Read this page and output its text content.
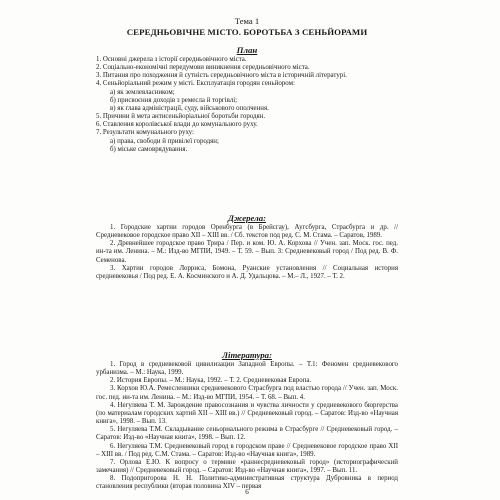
Тема 1
СЕРЕДНЬОВІЧНЕ МІСТО. БОРОТЬБА З СЕНЬЙОРАМИ
План
1. Основні джерела з історії середньовічного міста.
2. Соціально-економічні передумови виникнення середньовічного міста.
3. Питання про походження й сутність середньовічного міста в історичній літературі.
4. Сеньйоріальний режим у місті. Експлуатація городян сеньйором:
а) як землевласником;
б) присвоєння доходів з ремесла й торгівлі;
в) як глава адміністрації, суду, військового ополчення.
5. Причини й мета антисеньйоріальної боротьби городян.
6. Ставлення королівської влади до комунального руху.
7. Результати комунального руху:
а) права, свободи й привілеї городян;
б) міське самоврядування.
Джерела:
1. Городские хартии городов Оренбурга (в Брейсгау), Аугсбурга, Страсбурга и др. // Средневековое городское право XII – XIII вв. / Сб. текстов под ред. С. М. Стама. – Саратов, 1989.
2. Древнейшее городское право Трира / Пер. и ком. Ю. А. Корхова // Учен. зап. Моск. гос. пед. ин-та им. Ленина. – М.: Изд-во МГПИ, 1949. – Т. 59. – Вып. 3: Средневековый город / Под ред. В. Ф. Семенова.
3. Хартии городов Лорриса, Бомона, Руанские установления // Социальная история средневековья / Под ред. Е. А. Косминского и А. Д. Удальцова. – М.– Л., 1927. – Т. 2.
Література:
1. Город в средневековой цивилизации Западной Европы. – Т.1: Феномен средневекового урбанизма. – М.: Наука, 1999.
2. История Европы. – М.: Наука, 1992. – Т. 2. Средневековая Европа.
3. Корхов Ю.А. Ремесленники средневекового Страсбурга под властью города // Учен. зап. Моск. гос. пед. ин-та им. Ленина. – М.: Изд-во МГПИ, 1954. – Т. 68. – Вып. 4.
4. Негуляева Т. М. Зарождение правосознания и чувства личности у средневекового бюргерства (по материалам городских хартий XII – XIII вв.) // Средневековый город. – Саратов: Изд-во «Научная книга», 1998. – Вып. 13.
5. Негуляева Т.М. Складывание сеньориального режима в Страсбурге // Средневековый город. – Саратов: Изд-во «Научная книга», 1998. – Вып. 12.
6. Негуляева Т.М. Средневековый город в городском праве // Средневековое городское право XII – XIII вв. / Под ред. С.М. Стама. – Саратов: Изд-во «Научная книга», 1989.
7. Орлова Е.Ю. К вопросу о термине «раннесредневековый город» (историографический замечания) // Средневековый город. – Саратов: Изд-во «Научная книга», 1997. – Вып. 11.
8. Подопригорова Н. Н. Политико-административная структура Дубровника в период становления республики (вторая половина XIV – первая
6
